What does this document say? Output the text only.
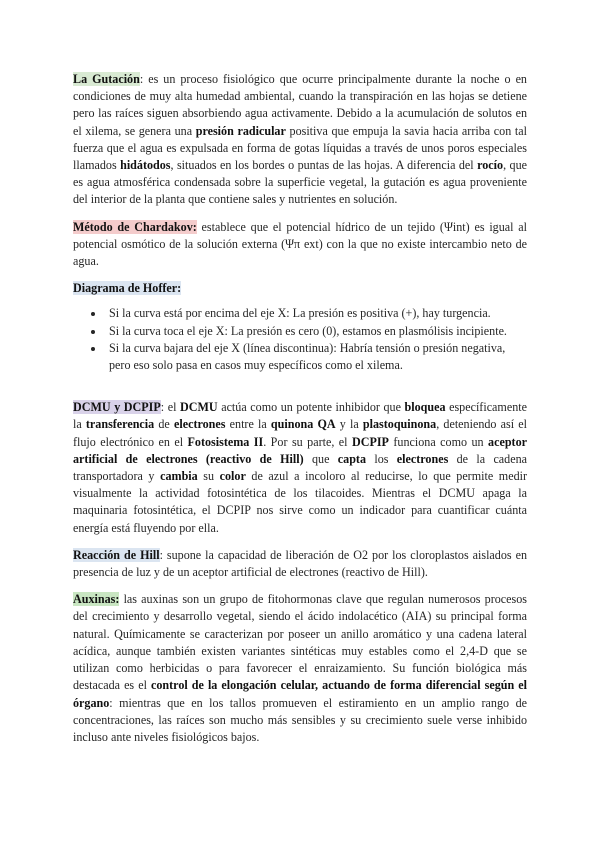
La Gutación: es un proceso fisiológico que ocurre principalmente durante la noche o en condiciones de muy alta humedad ambiental, cuando la transpiración en las hojas se detiene pero las raíces siguen absorbiendo agua activamente. Debido a la acumulación de solutos en el xilema, se genera una presión radicular positiva que empuja la savia hacia arriba con tal fuerza que el agua es expulsada en forma de gotas líquidas a través de unos poros especiales llamados hidátodos, situados en los bordes o puntas de las hojas. A diferencia del rocío, que es agua atmosférica condensada sobre la superficie vegetal, la gutación es agua proveniente del interior de la planta que contiene sales y nutrientes en solución.

Método de Chardakov: establece que el potencial hídrico de un tejido (Ψint) es igual al potencial osmótico de la solución externa (Ψπ ext) con la que no existe intercambio neto de agua.

Diagrama de Hoffer:

Si la curva está por encima del eje X: La presión es positiva (+), hay turgencia.
Si la curva toca el eje X: La presión es cero (0), estamos en plasmólisis incipiente.
Si la curva bajara del eje X (línea discontinua): Habría tensión o presión negativa, pero eso solo pasa en casos muy específicos como el xilema.

DCMU y DCPIP: el DCMU actúa como un potente inhibidor que bloquea específicamente la transferencia de electrones entre la quinona QA y la plastoquinona, deteniendo así el flujo electrónico en el Fotosistema II. Por su parte, el DCPIP funciona como un aceptor artificial de electrones (reactivo de Hill) que capta los electrones de la cadena transportadora y cambia su color de azul a incoloro al reducirse, lo que permite medir visualmente la actividad fotosintética de los tilacoides. Mientras el DCMU apaga la maquinaria fotosintética, el DCPIP nos sirve como un indicador para cuantificar cuánta energía está fluyendo por ella.

Reacción de Hill: supone la capacidad de liberación de O2 por los cloroplastos aislados en presencia de luz y de un aceptor artificial de electrones (reactivo de Hill).

Auxinas: las auxinas son un grupo de fitohormonas clave que regulan numerosos procesos del crecimiento y desarrollo vegetal, siendo el ácido indolacético (AIA) su principal forma natural. Químicamente se caracterizan por poseer un anillo aromático y una cadena lateral acídica, aunque también existen variantes sintéticas muy estables como el 2,4-D que se utilizan como herbicidas o para favorecer el enraizamiento. Su función biológica más destacada es el control de la elongación celular, actuando de forma diferencial según el órgano: mientras que en los tallos promueven el estiramiento en un amplio rango de concentraciones, las raíces son mucho más sensibles y su crecimiento suele verse inhibido incluso ante niveles fisiológicos bajos.
